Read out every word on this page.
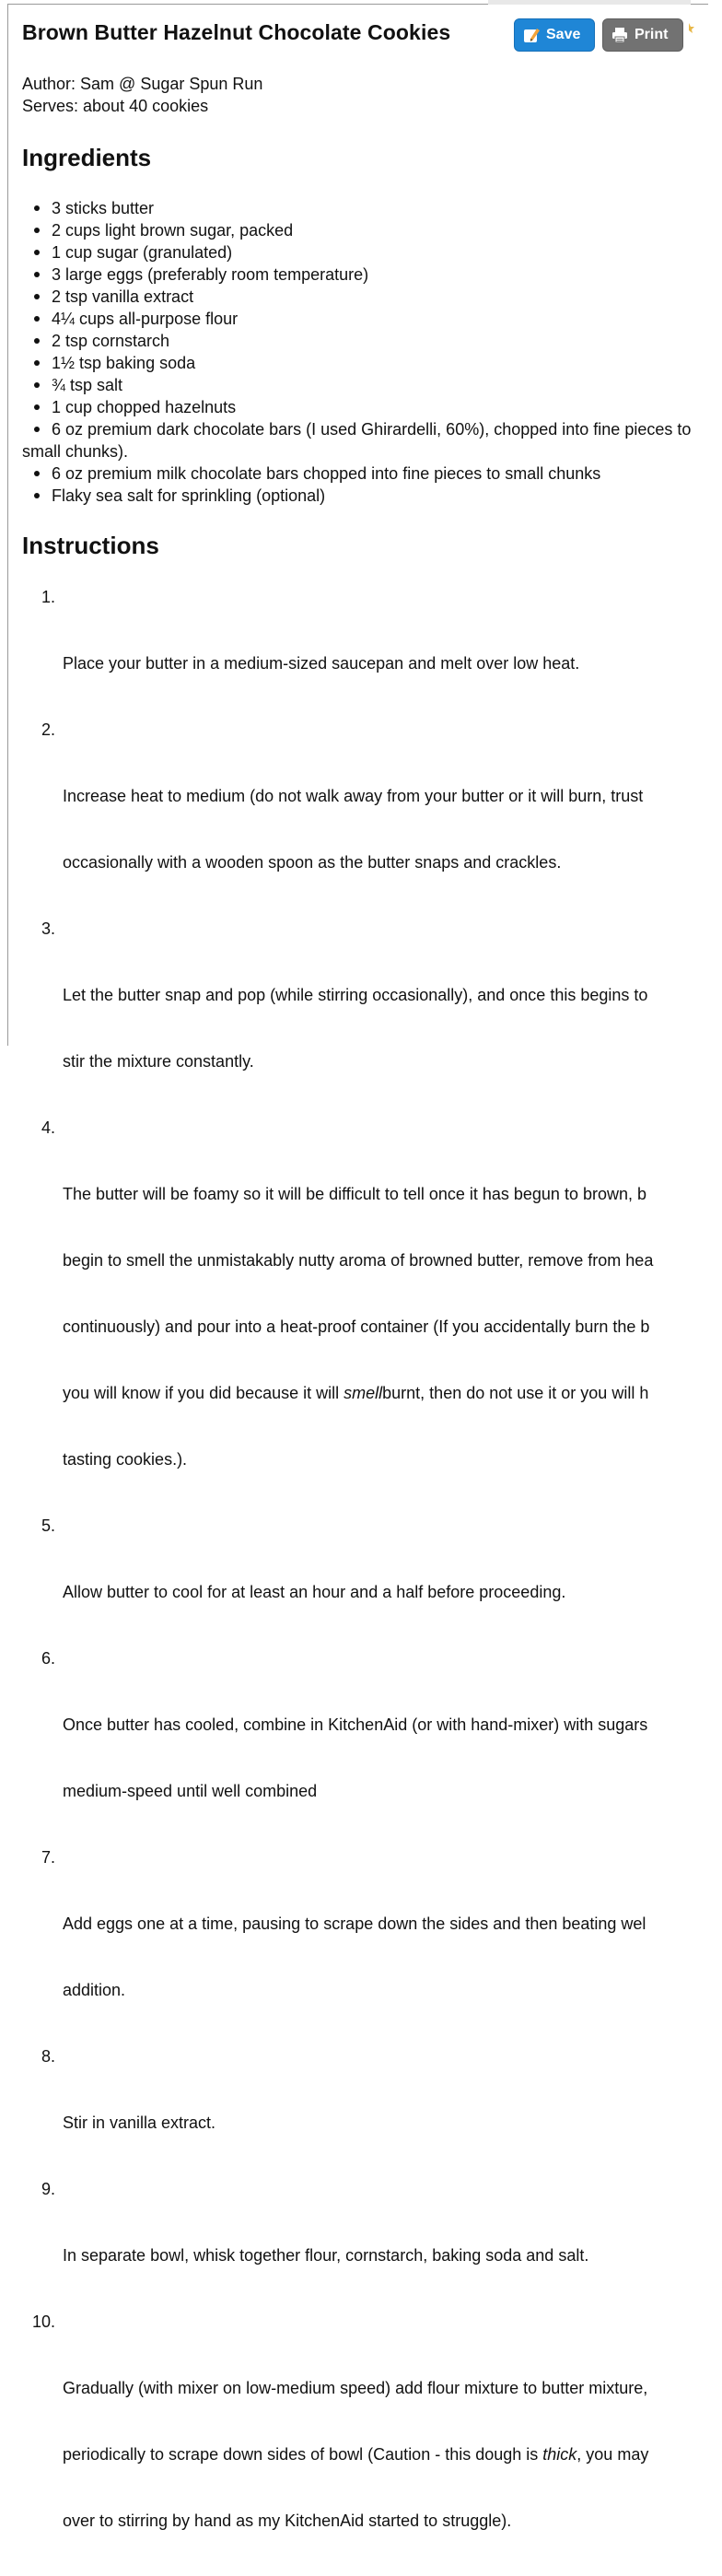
Brown Butter Hazelnut Chocolate Cookies	Save	Print
Author: Sam @ Sugar Spun Run
Serves: about 40 cookies
Ingredients
3 sticks butter
2 cups light brown sugar, packed
1 cup sugar (granulated)
3 large eggs (preferably room temperature)
2 tsp vanilla extract
4¼ cups all-purpose flour
2 tsp cornstarch
1½ tsp baking soda
¾ tsp salt
1 cup chopped hazelnuts
6 oz premium dark chocolate bars (I used Ghirardelli, 60%), chopped into fine pieces to small chunks).
6 oz premium milk chocolate bars chopped into fine pieces to small chunks
Flaky sea salt for sprinkling (optional)
Instructions

1.

Place your butter in a medium-sized saucepan and melt over low heat.

2.

Increase heat to medium (do not walk away from your butter or it will burn, trust

occasionally with a wooden spoon as the butter snaps and crackles.

3.

Let the butter snap and pop (while stirring occasionally), and once this begins to

stir the mixture constantly.

4.

The butter will be foamy so it will be difficult to tell once it has begun to brown, b

begin to smell the unmistakably nutty aroma of browned butter, remove from hea

continuously) and pour into a heat-proof container (If you accidentally burn the b

you will know if you did because it will smellburnt, then do not use it or you will h

tasting cookies.).

5.

Allow butter to cool for at least an hour and a half before proceeding.

6.

Once butter has cooled, combine in KitchenAid (or with hand-mixer) with sugars

medium-speed until well combined

7.

Add eggs one at a time, pausing to scrape down the sides and then beating wel

addition.

8.

Stir in vanilla extract.

9.

In separate bowl, whisk together flour, cornstarch, baking soda and salt.

10.

Gradually (with mixer on low-medium speed) add flour mixture to butter mixture,

periodically to scrape down sides of bowl (Caution - this dough is thick, you may

over to stirring by hand as my KitchenAid started to struggle).
